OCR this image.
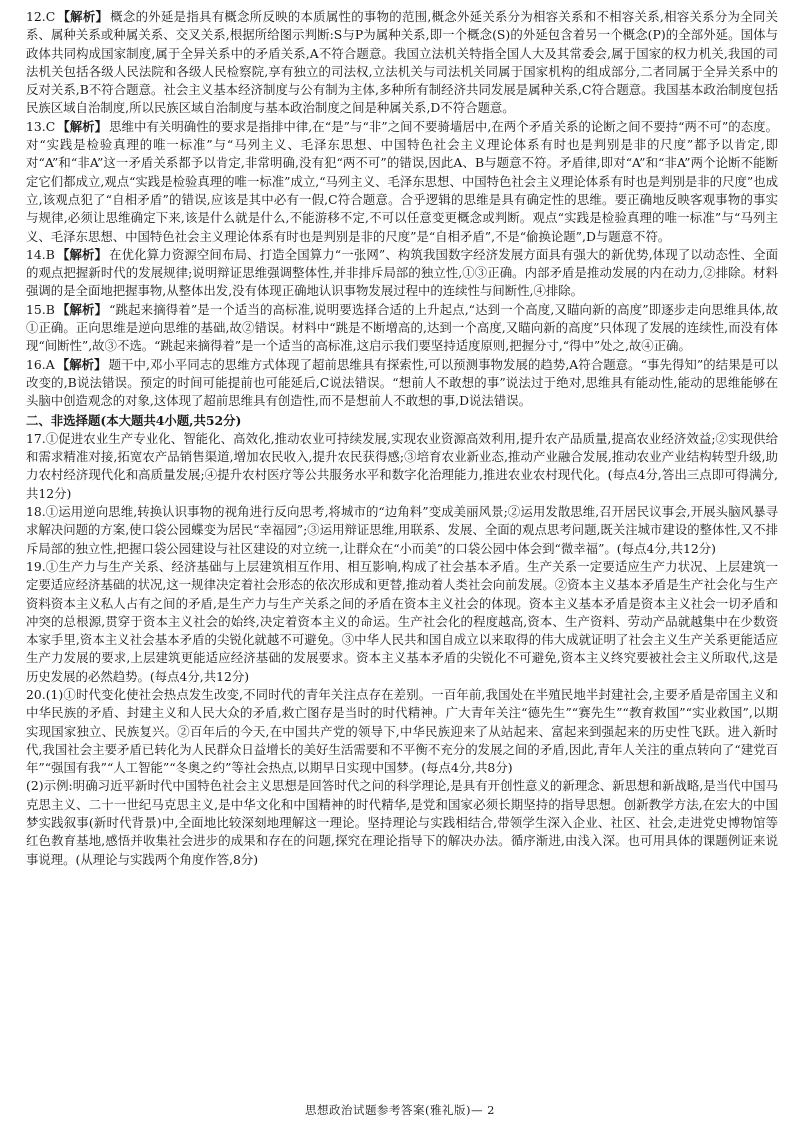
12.C 【解析】 概念的外延是指具有概念所反映的本质属性的事物的范围,概念外延关系分为相容关系和不相容关系,相容关系分为全同关系、属种关系或种属关系、交叉关系,根据所给图示判断:S与P为属种关系,即一个概念(S)的外延包含着另一个概念(P)的全部外延。国体与政体共同构成国家制度,属于全异关系中的矛盾关系,A不符合题意。我国立法机关特指全国人大及其常委会,属于国家的权力机关,我国的司法机关包括各级人民法院和各级人民检察院,享有独立的司法权,立法机关与司法机关同属于国家机构的组成部分,二者同属于全异关系中的反对关系,B不符合题意。社会主义基本经济制度与公有制为主体,多种所有制经济共同发展是属种关系,C符合题意。我国基本政治制度包括民族区域自治制度,所以民族区域自治制度与基本政治制度之间是种属关系,D不符合题意。

13.C 【解析】 思维中有关明确性的要求是指排中律,在“是”与“非”之间不要骑墙居中,在两个矛盾关系的论断之间不要持“两不可”的态度。对“实践是检验真理的唯一标准”与“马列主义、毛泽东思想、中国特色社会主义理论体系有时也是判别是非的尺度”都予以肯定,即对“A”和“非A”这一矛盾关系都予以肯定,非常明确,没有犯“两不可”的错误,因此A、B与题意不符。矛盾律,即对“A”和“非A”两个论断不能断定它们都成立,观点“实践是检验真理的唯一标准”成立,“马列主义、毛泽东思想、中国特色社会主义理论体系有时也是判别是非的尺度”也成立,该观点犯了“自相矛盾”的错误,应该是其中必有一假,C符合题意。合乎逻辑的思维是具有确定性的思维。要正确地反映客观事物的事实与规律,必须让思维确定下来,该是什么就是什么,不能游移不定,不可以任意变更概念或判断。观点“实践是检验真理的唯一标准”与“马列主义、毛泽东思想、中国特色社会主义理论体系有时也是判别是非的尺度”是“自相矛盾”,不是“偷换论题”,D与题意不符。

14.B 【解析】 在优化算力资源空间布局、打造全国算力“一张网”、构筑我国数字经济发展方面具有强大的新优势,体现了以动态性、全面的观点把握新时代的发展规律;说明辩证思维强调整体性,并非排斥局部的独立性,①③正确。内部矛盾是推动发展的内在动力,②排除。材料强调的是全面地把握事物,从整体出发,没有体现正确地认识事物发展过程中的连续性与间断性,④排除。

15.B 【解析】 “跳起来摘得着”是一个适当的高标准,说明要选择合适的上升起点,“达到一个高度,又瞄向新的高度”即逐步走向思维具体,故①正确。正向思维是逆向思维的基础,故②错误。材料中“跳是不断增高的,达到一个高度,又瞄向新的高度”只体现了发展的连续性,而没有体现“间断性”,故③不选。“跳起来摘得着”是一个适当的高标准,这启示我们要坚持适度原则,把握分寸,“得中”处之,故④正确。

16.A 【解析】 题干中,邓小平同志的思维方式体现了超前思维具有探索性,可以预测事物发展的趋势,A符合题意。“事先得知”的结果是可以改变的,B说法错误。预定的时间可能提前也可能延后,C说法错误。“想前人不敢想的事”说法过于绝对,思维具有能动性,能动的思维能够在头脑中创造观念的对象,这体现了超前思维具有创造性,而不是想前人不敢想的事,D说法错误。

二、非选择题(本大题共4小题,共52分)

17.①促进农业生产专业化、智能化、高效化,推动农业可持续发展,实现农业资源高效利用,提升农产品质量,提高农业经济效益;②实现供给和需求精准对接,拓宽农产品销售渠道,增加农民收入,提升农民获得感;③培育农业新业态,推动产业融合发展,推动农业产业结构转型升级,助力农村经济现代化和高质量发展;④提升农村医疗等公共服务水平和数字化治理能力,推进农业农村现代化。(每点4分,答出三点即可得满分,共12分)

18.①运用逆向思维,转换认识事物的视角进行反向思考,将城市的“边角料”变成美丽风景;②运用发散思维,召开居民议事会,开展头脑风暴寻求解决问题的方案,使口袋公园蝶变为居民“幸福园”;③运用辩证思维,用联系、发展、全面的观点思考问题,既关注城市建设的整体性,又不排斥局部的独立性,把握口袋公园建设与社区建设的对立统一,让群众在“小而美”的口袋公园中体会到“微幸福”。(每点4分,共12分)

19.①生产力与生产关系、经济基础与上层建筑相互作用、相互影响,构成了社会基本矛盾。生产关系一定要适应生产力状况、上层建筑一定要适应经济基础的状况,这一规律决定着社会形态的依次形成和更替,推动着人类社会向前发展。②资本主义基本矛盾是生产社会化与生产资料资本主义私人占有之间的矛盾,是生产力与生产关系之间的矛盾在资本主义社会的体现。资本主义基本矛盾是资本主义社会一切矛盾和冲突的总根源,贯穿于资本主义社会的始终,决定着资本主义的命运。生产社会化的程度越高,资本、生产资料、劳动产品就越集中在少数资本家手里,资本主义社会基本矛盾的尖锐化就越不可避免。③中华人民共和国自成立以来取得的伟大成就证明了社会主义生产关系更能适应生产力发展的要求,上层建筑更能适应经济基础的发展要求。资本主义基本矛盾的尖锐化不可避免,资本主义终究要被社会主义所取代,这是历史发展的必然趋势。(每点4分,共12分)

20.(1)①时代变化使社会热点发生改变,不同时代的青年关注点存在差别。一百年前,我国处在半殖民地半封建社会,主要矛盾是帝国主义和中华民族的矛盾、封建主义和人民大众的矛盾,救亡图存是当时的时代精神。广大青年关注“德先生”“赛先生”“教育救国”“实业救国”,以期实现国家独立、民族复兴。②百年后的今天,在中国共产党的领导下,中华民族迎来了从站起来、富起来到强起来的历史性飞跃。进入新时代,我国社会主要矛盾已转化为人民群众日益增长的美好生活需要和不平衡不充分的发展之间的矛盾,因此,青年人关注的重点转向了“建党百年”“强国有我”“人工智能”“冬奥之约”等社会热点,以期早日实现中国梦。(每点4分,共8分)

(2)示例:明确习近平新时代中国特色社会主义思想是回答时代之问的科学理论,是具有开创性意义的新理念、新思想和新战略,是当代中国马克思主义、二十一世纪马克思主义,是中华文化和中国精神的时代精华,是党和国家必须长期坚持的指导思想。创新教学方法,在宏大的中国梦实践叙事(新时代背景)中,全面地比较深刻地理解这一理论。坚持理论与实践相结合,带领学生深入企业、社区、社会,走进党史博物馆等红色教育基地,感悟并收集社会进步的成果和存在的问题,探究在理论指导下的解决办法。循序渐进,由浅入深。也可用具体的课题例证来说事说理。(从理论与实践两个角度作答,8分)

思想政治试题参考答案(雅礼版)— 2
